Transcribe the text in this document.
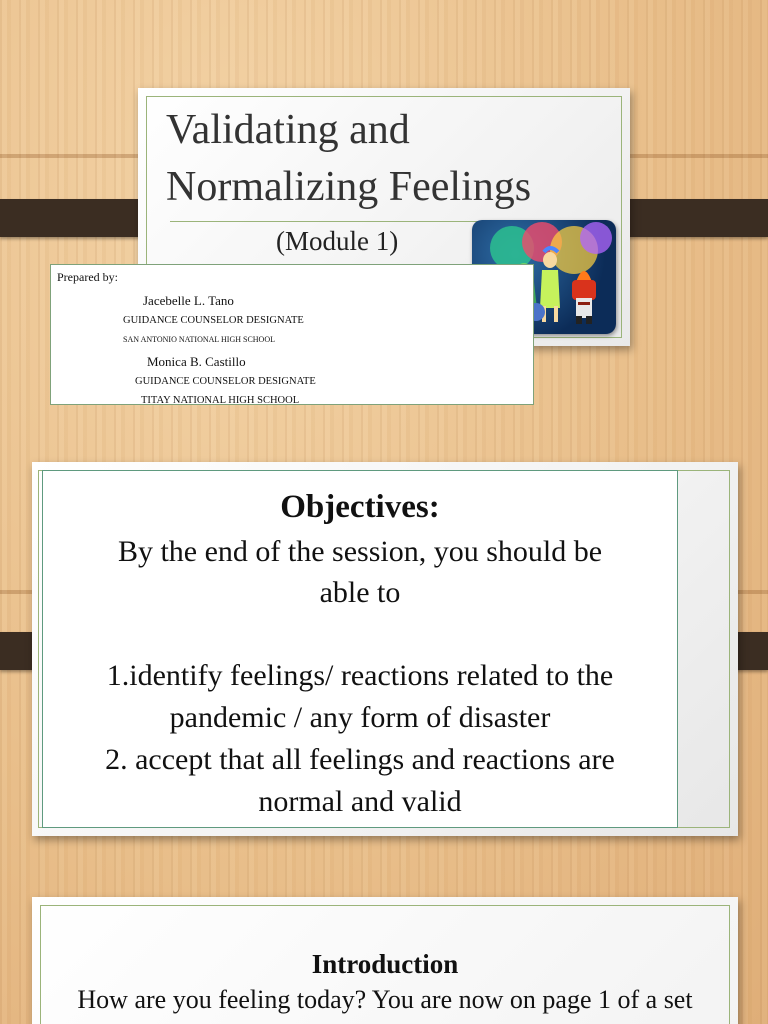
Validating and
Normalizing Feelings
(Module 1)
Prepared by:
Jacebelle L. Tano
GUIDANCE COUNSELOR DESIGNATE
SAN ANTONIO NATIONAL HIGH SCHOOL
Monica B. Castillo
GUIDANCE COUNSELOR DESIGNATE
TITAY NATIONAL HIGH SCHOOL

Objectives:

By the end of the session, you should be
able to

1.identify feelings/ reactions related to the
pandemic / any form of disaster

2. accept that all feelings and reactions are
normal and valid

Introduction

How are you feeling today? You are now on page 1 of a set
